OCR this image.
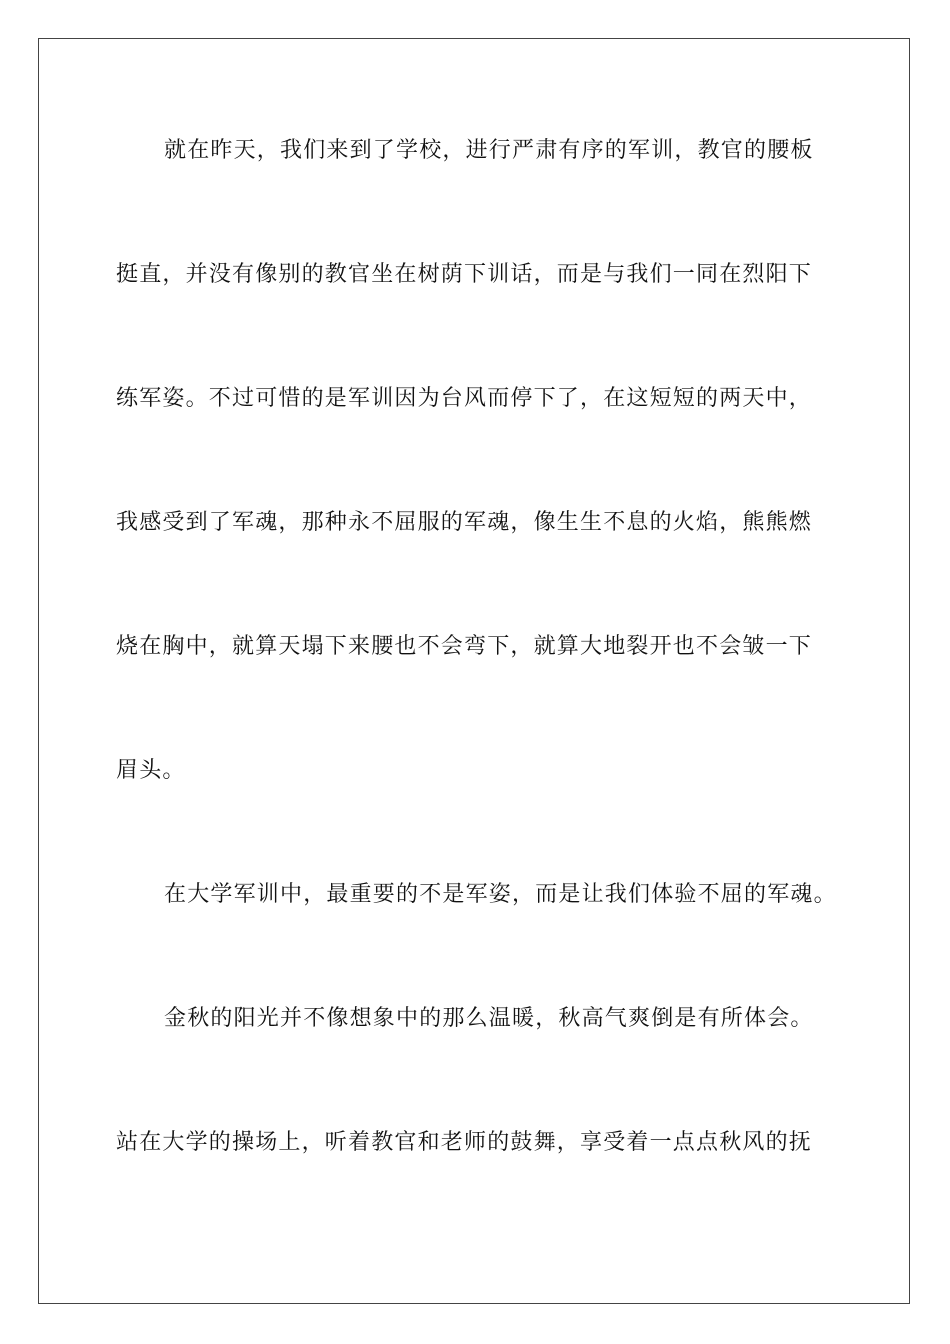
就在昨天，我们来到了学校，进行严肃有序的军训，教官的腰板
挺直，并没有像别的教官坐在树荫下训话，而是与我们一同在烈阳下
练军姿。不过可惜的是军训因为台风而停下了，在这短短的两天中，
我感受到了军魂，那种永不屈服的军魂，像生生不息的火焰，熊熊燃
烧在胸中，就算天塌下来腰也不会弯下，就算大地裂开也不会皱一下
眉头。
在大学军训中，最重要的不是军姿，而是让我们体验不屈的军魂。
金秋的阳光并不像想象中的那么温暖，秋高气爽倒是有所体会。
站在大学的操场上，听着教官和老师的鼓舞，享受着一点点秋风的抚
